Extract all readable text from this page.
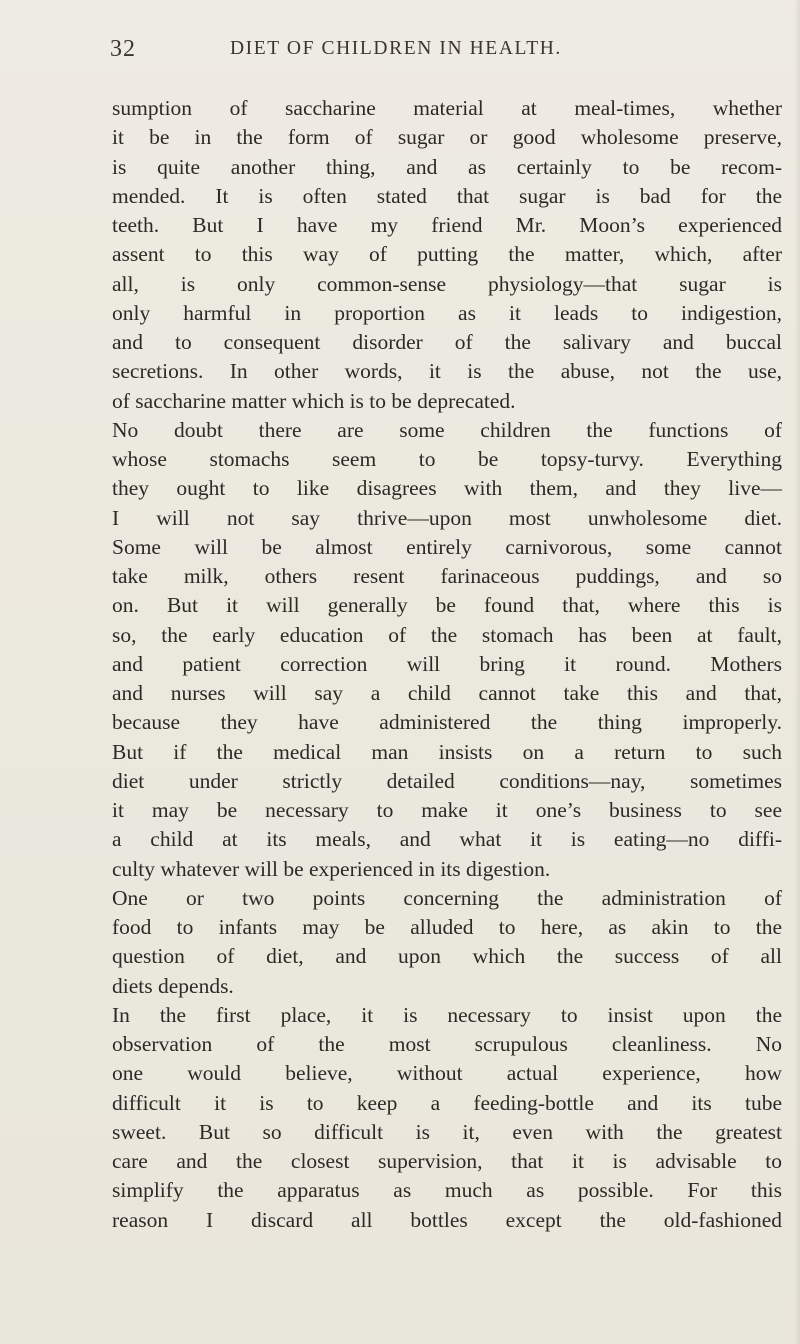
32	DIET OF CHILDREN IN HEALTH.
sumption of saccharine material at meal-times, whether
it be in the form of sugar or good wholesome preserve,
is quite another thing, and as certainly to be recom-
mended. It is often stated that sugar is bad for the
teeth. But I have my friend Mr. Moon’s experienced
assent to this way of putting the matter, which, after
all, is only common-sense physiology—that sugar is
only harmful in proportion as it leads to indigestion,
and to consequent disorder of the salivary and buccal
secretions. In other words, it is the abuse, not the use,
of saccharine matter which is to be deprecated.
No doubt there are some children the functions of
whose stomachs seem to be topsy-turvy. Everything
they ought to like disagrees with them, and they live—
I will not say thrive—upon most unwholesome diet.
Some will be almost entirely carnivorous, some cannot
take milk, others resent farinaceous puddings, and so
on. But it will generally be found that, where this is
so, the early education of the stomach has been at fault,
and patient correction will bring it round. Mothers
and nurses will say a child cannot take this and that,
because they have administered the thing improperly.
But if the medical man insists on a return to such
diet under strictly detailed conditions—nay, sometimes
it may be necessary to make it one’s business to see
a child at its meals, and what it is eating—no diffi-
culty whatever will be experienced in its digestion.
One or two points concerning the administration of
food to infants may be alluded to here, as akin to the
question of diet, and upon which the success of all
diets depends.
In the first place, it is necessary to insist upon the
observation of the most scrupulous cleanliness. No
one would believe, without actual experience, how
difficult it is to keep a feeding-bottle and its tube
sweet. But so difficult is it, even with the greatest
care and the closest supervision, that it is advisable to
simplify the apparatus as much as possible. For this
reason I discard all bottles except the old-fashioned
